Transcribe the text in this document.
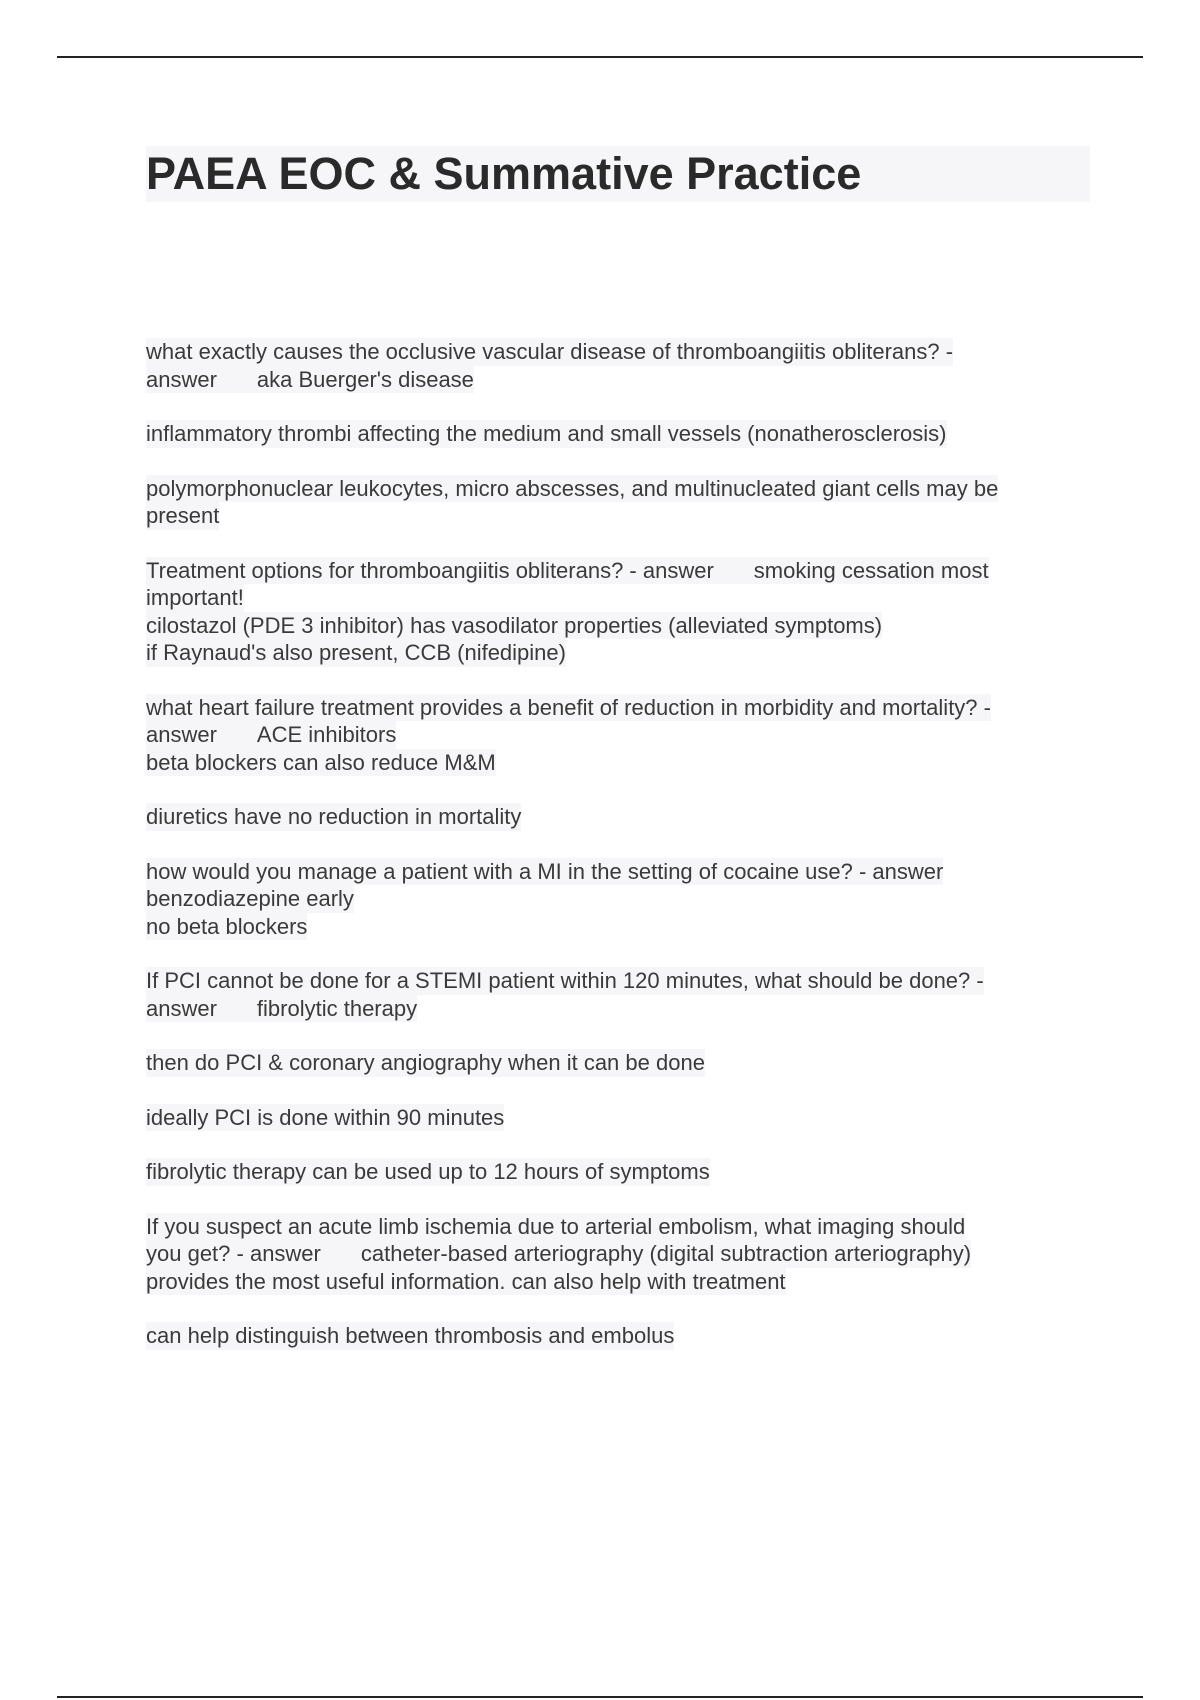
PAEA EOC & Summative Practice
what exactly causes the occlusive vascular disease of thromboangiitis obliterans? -
answer aka Buerger's disease
inflammatory thrombi affecting the medium and small vessels (nonatherosclerosis)
polymorphonuclear leukocytes, micro abscesses, and multinucleated giant cells may be
present
Treatment options for thromboangiitis obliterans? - answer smoking cessation most
important!
cilostazol (PDE 3 inhibitor) has vasodilator properties (alleviated symptoms)
if Raynaud's also present, CCB (nifedipine)
what heart failure treatment provides a benefit of reduction in morbidity and mortality? -
answer ACE inhibitors
beta blockers can also reduce M&M
diuretics have no reduction in mortality
how would you manage a patient with a MI in the setting of cocaine use? - answer
benzodiazepine early
no beta blockers
If PCI cannot be done for a STEMI patient within 120 minutes, what should be done? -
answer fibrolytic therapy
then do PCI & coronary angiography when it can be done
ideally PCI is done within 90 minutes
fibrolytic therapy can be used up to 12 hours of symptoms
If you suspect an acute limb ischemia due to arterial embolism, what imaging should
you get? - answer catheter-based arteriography (digital subtraction arteriography)
provides the most useful information. can also help with treatment
can help distinguish between thrombosis and embolus
